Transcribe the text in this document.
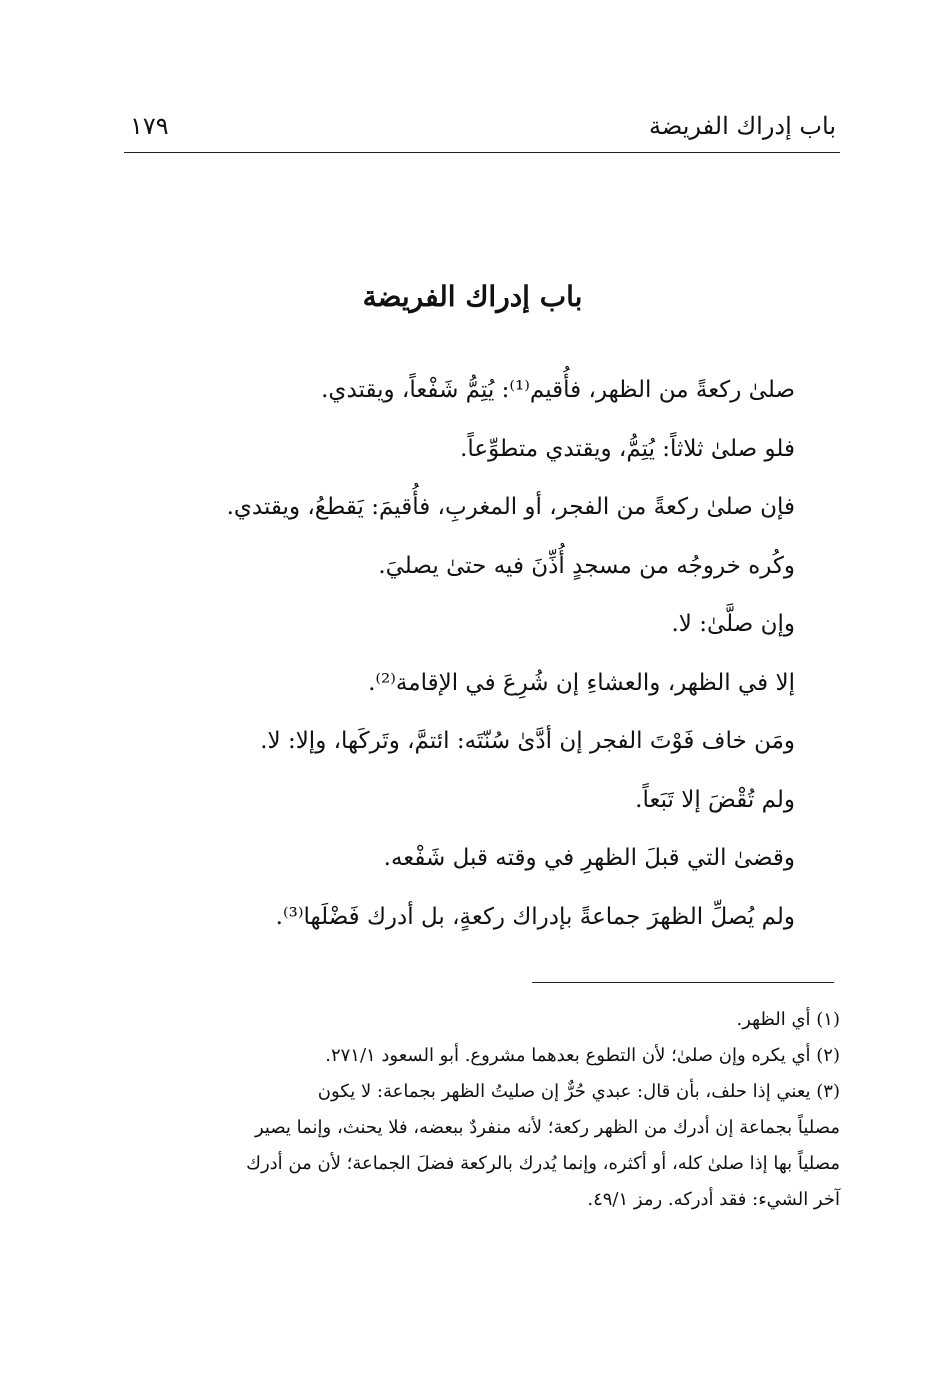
باب إدراك الفريضة
١٧٩
باب إدراك الفريضة
صلىٰ ركعةً من الظهر، فأُقيم⁽¹⁾: يُتِمُّ شَفْعاً، ويقتدي.
فلو صلىٰ ثلاثاً: يُتِمُّ، ويقتدي متطوِّعاً.
فإن صلىٰ ركعةً من الفجر، أو المغربِ، فأُقيمَ: يَقطعُ، ويقتدي.
وكُره خروجُه من مسجدٍ أُذِّنَ فيه حتىٰ يصليَ.
وإن صلَّىٰ: لا.
إلا في الظهر، والعشاءِ إن شُرِعَ في الإقامة⁽²⁾.
ومَن خاف فَوْتَ الفجر إن أدَّىٰ سُنّتَه: ائتمَّ، وتَركَها، وإلا: لا.
ولم تُقْضَ إلا تَبَعاً.
وقضىٰ التي قبلَ الظهرِ في وقته قبل شَفْعه.
ولم يُصلِّ الظهرَ جماعةً بإدراك ركعةٍ، بل أدرك فَضْلَها⁽³⁾.
(١) أي الظهر.
(٢) أي يكره وإن صلىٰ؛ لأن التطوع بعدهما مشروع. أبو السعود ٢٧١/١.
(٣) يعني إذا حلف، بأن قال: عبدي حُرٌّ إن صليتُ الظهر بجماعة: لا يكون
مصلياً بجماعة إن أدرك من الظهر ركعة؛ لأنه منفردٌ ببعضه، فلا يحنث، وإنما يصير
مصلياً بها إذا صلىٰ كله، أو أكثره، وإنما يُدرك بالركعة فضلَ الجماعة؛ لأن من أدرك
آخر الشيء: فقد أدركه. رمز ٤٩/١.
